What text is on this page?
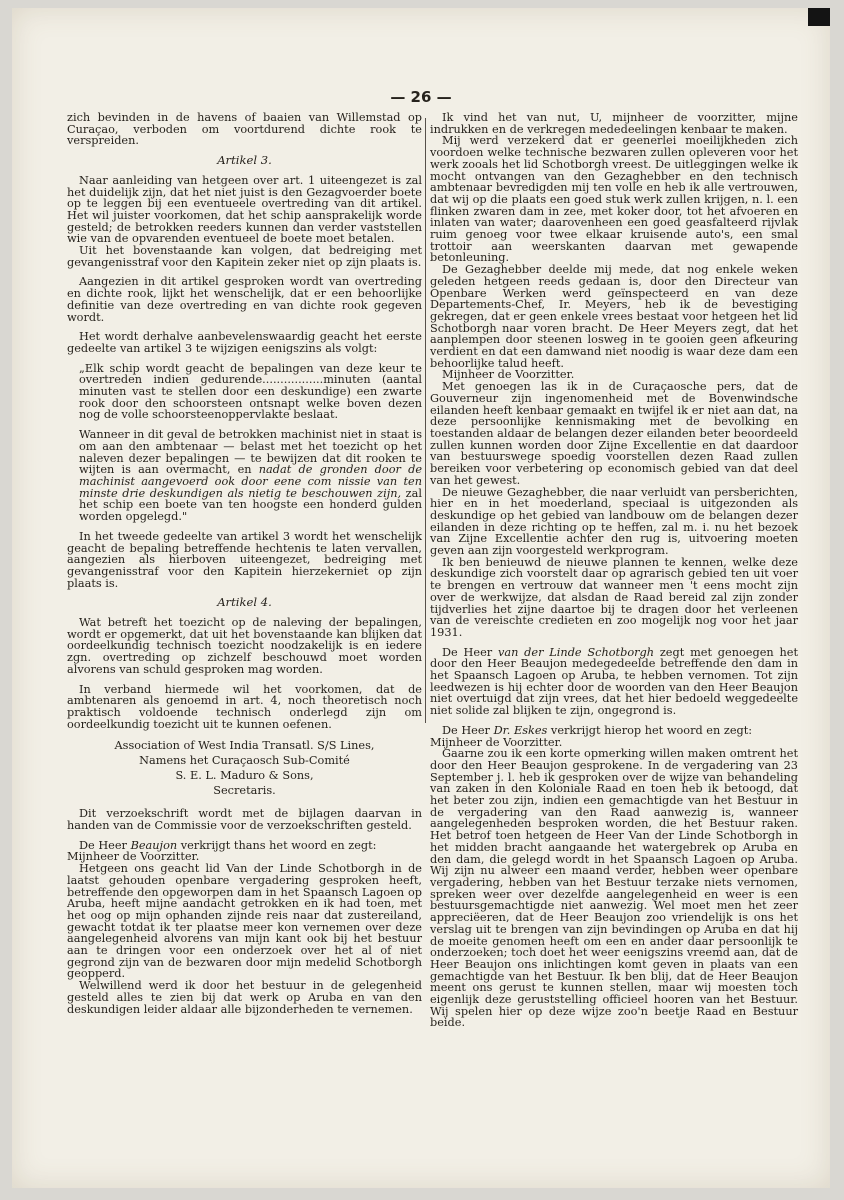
— 26 —

zich bevinden in de havens of baaien van Willemstad op Curaçao, verboden om voortdurend dichte rook te verspreiden.

Artikel 3.

Naar aanleiding van hetgeen over art. 1 uiteengezet is zal het duidelijk zijn, dat het niet juist is den Gezagvoerder boete op te leggen bij een eventueele overtreding van dit artikel. Het wil juister voorkomen, dat het schip aansprakelijk worde gesteld; de betrokken reeders kunnen dan verder vaststellen wie van de opvarenden eventueel de boete moet betalen.

Uit het bovenstaande kan volgen, dat bedreiging met gevangenisstraf voor den Kapitein zeker niet op zijn plaats is.

Aangezien in dit artikel gesproken wordt van overtreding en dichte rook, lijkt het wenschelijk, dat er een behoorlijke definitie van deze overtreding en van dichte rook gegeven wordt.

Het wordt derhalve aanbevelenswaardig geacht het eerste gedeelte van artikel 3 te wijzigen eenigszins als volgt:

„Elk schip wordt geacht de bepalingen van deze keur te overtreden indien gedurende.................minuten (aantal minuten vast te stellen door een deskundige) een zwarte rook door den schoorsteen ontsnapt welke boven dezen nog de volle schoorsteenoppervlakte beslaat.

Wanneer in dit geval de betrokken machinist niet in staat is om aan den ambtenaar — belast met het toezicht op het naleven dezer bepalingen — te bewijzen dat dit rooken te wijten is aan overmacht, en nadat de gronden door de machinist aangevoerd ook door eene com nissie van ten minste drie deskundigen als nietig te beschouwen zijn, zal het schip een boete van ten hoogste een honderd gulden worden opgelegd."

In het tweede gedeelte van artikel 3 wordt het wenschelijk geacht de bepaling betreffende hechtenis te laten vervallen, aangezien als hierboven uiteengezet, bedreiging met gevangenisstraf voor den Kapitein hierzekerniet op zijn plaats is.

Artikel 4.

Wat betreft het toezicht op de naleving der bepalingen, wordt er opgemerkt, dat uit het bovenstaande kan blijken dat oordeelkundig technisch toezicht noodzakelijk is en iedere zgn. overtreding op zichzelf beschouwd moet worden alvorens van schuld gesproken mag worden.

In verband hiermede wil het voorkomen, dat de ambtenaren als genoemd in art. 4, noch theoretisch noch praktisch voldoende technisch onderlegd zijn om oordeelkundig toezicht uit te kunnen oefenen.

Association of West India Transatl. S/S Lines,

Namens het Curaçaosch Sub-Comité

S. E. L. Maduro & Sons,

Secretaris.

Dit verzoekschrift wordt met de bijlagen daarvan in handen van de Commissie voor de verzoekschriften gesteld.

De Heer Beaujon verkrijgt thans het woord en zegt:

Mijnheer de Voorzitter.

Hetgeen ons geacht lid Van der Linde Schotborgh in de laatst gehouden openbare vergadering gesproken heeft, betreffende den opgeworpen dam in het Spaansch Lagoen op Aruba, heeft mijne aandacht getrokken en ik had toen, met het oog op mijn ophanden zijnde reis naar dat zustereiland, gewacht totdat ik ter plaatse meer kon vernemen over deze aangelegenheid alvorens van mijn kant ook bij het bestuur aan te dringen voor een onderzoek over het al of niet gegrond zijn van de bezwaren door mijn medelid Schotborgh geopperd.

Welwillend werd ik door het bestuur in de gelegenheid gesteld alles te zien bij dat werk op Aruba en van den deskundigen leider aldaar alle bijzonderheden te vernemen.

Ik vind het van nut, U, mijnheer de voorzitter, mijne indrukken en de verkregen mededeelingen kenbaar te maken.

Mij werd verzekerd dat er geenerlei moeilijkheden zich voordoen welke technische bezwaren zullen opleveren voor het werk zooals het lid Schotborgh vreest. De uitleggingen welke ik mocht ontvangen van den Gezaghebber en den technisch ambtenaar bevredigden mij ten volle en heb ik alle vertrouwen, dat wij op die plaats een goed stuk werk zullen krijgen, n. l. een flinken zwaren dam in zee, met koker door, tot het afvoeren en inlaten van water; daarovenheen een goed geasfalteerd rijvlak ruim genoeg voor twee elkaar kruisende auto's, een smal trottoir aan weerskanten daarvan met gewapende betonleuning.

De Gezaghebber deelde mij mede, dat nog enkele weken geleden hetgeen reeds gedaan is, door den Directeur van Openbare Werken werd geïnspecteerd en van deze Departements-Chef, Ir. Meyers, heb ik de bevestiging gekregen, dat er geen enkele vrees bestaat voor hetgeen het lid Schotborgh naar voren bracht. De Heer Meyers zegt, dat het aanplempen door steenen losweg in te gooien geen afkeuring verdient en dat een damwand niet noodig is waar deze dam een behoorlijke talud heeft.

Mijnheer de Voorzitter.

Met genoegen las ik in de Curaçaosche pers, dat de Gouverneur zijn ingenomenheid met de Bovenwindsche eilanden heeft kenbaar gemaakt en twijfel ik er niet aan dat, na deze persoonlijke kennismaking met de bevolking en toestanden aldaar de belangen dezer eilanden beter beoordeeld zullen kunnen worden door Zijne Excellentie en dat daardoor van bestuurswege spoedig voorstellen dezen Raad zullen bereiken voor verbetering op economisch gebied van dat deel van het gewest.

De nieuwe Gezaghebber, die naar verluidt van persberichten, hier en in het moederland, speciaal is uitgezonden als deskundige op het gebied van landbouw om de belangen dezer eilanden in deze richting op te heffen, zal m. i. nu het bezoek van Zijne Excellentie achter den rug is, uitvoering moeten geven aan zijn voorgesteld werkprogram.

Ik ben benieuwd de nieuwe plannen te kennen, welke deze deskundige zich voorstelt daar op agrarisch gebied ten uit voer te brengen en vertrouw dat wanneer men 't eens mocht zijn over de werkwijze, dat alsdan de Raad bereid zal zijn zonder tijdverlies het zijne daartoe bij te dragen door het verleenen van de vereischte credieten en zoo mogelijk nog voor het jaar 1931.

De Heer van der Linde Schotborgh zegt met genoegen het door den Heer Beaujon medegedeelde betreffende den dam in het Spaansch Lagoen op Aruba, te hebben vernomen. Tot zijn leedwezen is hij echter door de woorden van den Heer Beaujon niet overtuigd dat zijn vrees, dat het hier bedoeld weggedeelte niet solide zal blijken te zijn, ongegrond is.

De Heer Dr. Eskes verkrijgt hierop het woord en zegt:

Mijnheer de Voorzitter.

Gaarne zou ik een korte opmerking willen maken omtrent het door den Heer Beaujon gesprokene. In de vergadering van 23 September j. l. heb ik gesproken over de wijze van behandeling van zaken in den Koloniale Raad en toen heb ik betoogd, dat het beter zou zijn, indien een gemachtigde van het Bestuur in de vergadering van den Raad aanwezig is, wanneer aangelegenheden besproken worden, die het Bestuur raken. Het betrof toen hetgeen de Heer Van der Linde Schotborgh in het midden bracht aangaande het watergebrek op Aruba en den dam, die gelegd wordt in het Spaansch Lagoen op Aruba. Wij zijn nu alweer een maand verder, hebben weer openbare vergadering, hebben van het Bestuur terzake niets vernomen, spreken weer over dezelfde aangelegenheid en weer is een bestuursgemachtigde niet aanwezig. Wel moet men het zeer appreciëeren, dat de Heer Beaujon zoo vriendelijk is ons het verslag uit te brengen van zijn bevindingen op Aruba en dat hij de moeite genomen heeft om een en ander daar persoonlijk te onderzoeken; toch doet het weer eenigszins vreemd aan, dat de Heer Beaujon ons inlichtingen komt geven in plaats van een gemachtigde van het Bestuur. Ik ben blij, dat de Heer Beaujon meent ons gerust te kunnen stellen, maar wij moesten toch eigenlijk deze geruststelling officieel hooren van het Bestuur. Wij spelen hier op deze wijze zoo'n beetje Raad en Bestuur beide.
